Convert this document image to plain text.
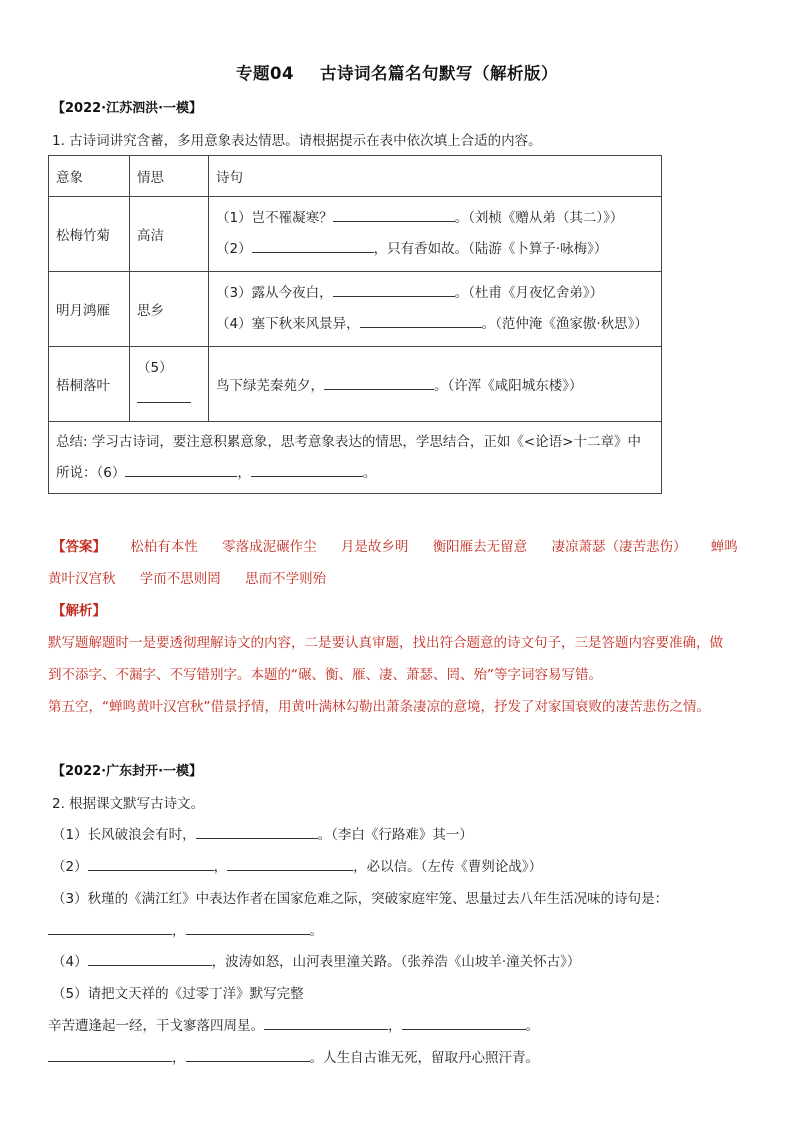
专题04 古诗词名篇名句默写（解析版）
【2022·江苏泗洪·一模】
1. 古诗词讲究含蓄，多用意象表达情思。请根据提示在表中依次填上合适的内容。
意象	情思	诗句
松梅竹菊	高洁	（1）岂不罹凝寒？ 。（刘桢《赠从弟（其二）》）
（2） ，只有香如故。（陆游《卜算子·咏梅》）

明月鸿雁	思乡	（3）露从今夜白， 。（杜甫《月夜忆舍弟》）
（4）塞下秋来风景异， 。（范仲淹《渔家傲·秋思》）

梧桐落叶	（5）	鸟下绿芜秦苑夕， 。（许浑《咸阳城东楼》）

总结: 学习古诗词，要注意积累意象，思考意象表达的情思，学思结合，正如《<论语>十二章》中
所说：（6） ， 。		
【答案】 松柏有本性 零落成泥碾作尘 月是故乡明 衡阳雁去无留意 凄凉萧瑟（凄苦悲伤） 蝉鸣
黄叶汉宫秋 学而不思则罔 思而不学则殆
【解析】
默写题解题时一是要透彻理解诗文的内容，二是要认真审题，找出符合题意的诗文句子，三是答题内容要准确，做
到不添字、不漏字、不写错别字。本题的“碾、衡、雁、凄、萧瑟、罔、殆”等字词容易写错。
第五空，“蝉鸣黄叶汉宫秋”借景抒情，用黄叶满林勾勒出萧条凄凉的意境，抒发了对家国衰败的凄苦悲伤之情。
【2022·广东封开·一模】
2. 根据课文默写古诗文。
（1）长风破浪会有时，	。（李白《行路难》其一）
（2）	，	，必以信。（左传《曹刿论战》）
（3）秋瑾的《满江红》中表达作者在国家危难之际，突破家庭牢笼、思量过去八年生活况味的诗句是：
，	。
（4）	，波涛如怒，山河表里潼关路。（张养浩《山坡羊·潼关怀古》）
（5）请把文天祥的《过零丁洋》默写完整
辛苦遭逢起一经，干戈寥落四周星。	，	。
，	。人生自古谁无死，留取丹心照汗青。
